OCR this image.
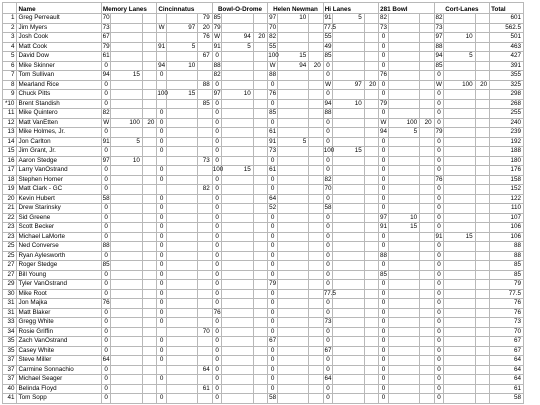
	Name	Memory Lanes			Cincinnatus			Bowl-O-Drome			Helen Newman			Hi Lanes			281 Bowl			Cort-Lanes			Total
1	Greg Perreault	70					79	85			97	10		91	5		82			82			601
2	Jim Myers	73			W	97	20	79			70			77.5			73			73			562.5
3	Josh Cook	67					76	W	94	20	82			55			0			97	10		501
4	Matt Cook	79			91	5		91	5		55			49			0			88			463
5	David Dow	61					67	0			100	15		85			0			94	5		427
6	Mike Skinner	0			94	10		88			W	94	20	0			0			85			391
7	Tom Sullivan	94	15		0			82			88			0			76			0			355
8	Mearland Rice	0					88	0			0			W	97	20	0			W	100	20	325
9	Chuck Pitts	0			100	15		97	10		76			0			0			0			298
*10	Brent Standish	0					85	0			0			94	10		79			0			268
11	Mike Quintero	82			0			0			85			88			0			0			255
12	Matt VanEtten	W	100	20	0			0			0			0			W	100	20	0			240
13	Mike Holmes, Jr.	0			0			0			61			0			94	5		79			239
14	Jon Carlton	91	5		0			0			91	5		0			0			0			192
15	Jim Grant, Jr.	0			0			0			73			100	15		0			0			188
16	Aaron Stedge	97	10				73	0			0			0			0			0			180
17	Larry VanOstrand	0			0			100	15		61			0			0			0			176
18	Stephen Horner	0			0			0			0			82			0			76			158
19	Matt Clark - GC	0					82	0			0			70			0			0			152
20	Kevin Hubert	58			0			0			64			0			0			0			122
21	Drew Starinsky	0			0			0			52			58			0			0			110
22	Sid Greene	0			0			0			0			0			97	10		0			107
23	Scott Becker	0			0			0			0			0			91	15		0			106
23	Michael LaMorte	0			0			0			0			0			0			91	15		106
25	Ned Converse	88			0			0			0			0			0			0			88
25	Ryan Aylesworth	0			0			0			0			0			88			0			88
27	Roger Stedge	85			0			0			0			0			0			0			85
27	Bill Young	0			0			0			0			0			85			0			85
29	Tyler VanOstrand	0			0			0			79			0			0			0			79
30	Mike Root	0			0			0			0			77.5			0			0			77.5
31	Jon Majka	76			0			0			0			0			0			0			76
31	Matt Blaker	0			0			76			0			0			0			0			76
33	Gregg White	0			0			0			0			73			0			0			73
34	Rosie Griffin	0					70	0			0			0			0			0			70
35	Zach VanOstrand	0			0			0			67			0			0			0			67
35	Casey White	0			0			0			0			67			0			0			67
37	Steve Miller	64			0			0			0			0			0			0			64
37	Carmine Sonnachio	0					64	0			0			0			0			0			64
37	Michael Seager	0			0			0			0			64			0			0			64
40	Belinda Floyd	0					61	0			0			0			0			0			61
41	Tom Sopp	0			0			0			58			0			0			0			58
